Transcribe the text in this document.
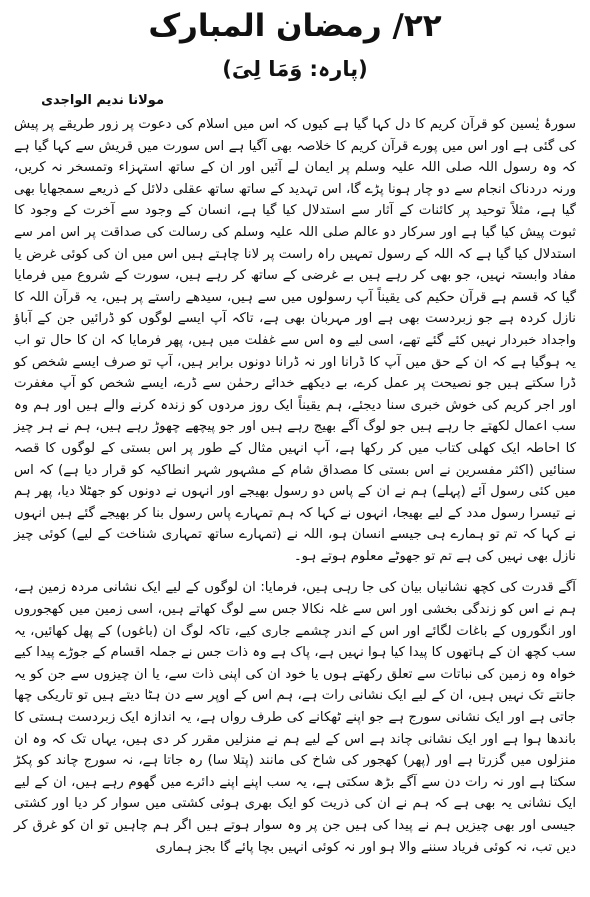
۲۲/ رمضان المبارک
(پارہ: وَمَا لِیَ)
مولانا ندیم الواجدی

سورۂ یٰسین کو قرآن کریم کا دل کہا گیا ہے کیوں کہ اس میں اسلام کی دعوت پر زور طریقے پر پیش کی گئی ہے اور اس میں پورے قرآن کریم کا خلاصہ بھی آگیا ہے اس سورت میں قریش سے کہا گیا ہے کہ وہ رسول اللہ صلی اللہ علیہ وسلم پر ایمان لے آئیں اور ان کے ساتھ استہزاء وتمسخر نہ کریں، ورنہ دردناک انجام سے دو چار ہونا پڑے گا، اس تہدید کے ساتھ ساتھ عقلی دلائل کے ذریعے سمجھایا بھی گیا ہے، مثلاً توحید پر کائنات کے آثار سے استدلال کیا گیا ہے، انسان کے وجود سے آخرت کے وجود کا ثبوت پیش کیا گیا ہے اور سرکار دو عالم صلی اللہ علیہ وسلم کی رسالت کی صداقت پر اس امر سے استدلال کیا گیا ہے کہ اللہ کے رسول تمہیں راہ راست پر لانا چاہتے ہیں اس میں ان کی کوئی غرض یا مفاد وابستہ نہیں، جو بھی کر رہے ہیں بے غرضی کے ساتھ کر رہے ہیں، سورت کے شروع میں فرمایا گیا کہ قسم ہے قرآن حکیم کی یقیناً آپ رسولوں میں سے ہیں، سیدھے راستے پر ہیں، یہ قرآن اللہ کا نازل کردہ ہے جو زبردست بھی ہے اور مہربان بھی ہے، تاکہ آپ ایسے لوگوں کو ڈرائیں جن کے آباؤ واجداد خبردار نہیں کئے گئے تھے، اسی لیے وہ اس سے غفلت میں ہیں، پھر فرمایا کہ ان کا حال تو اب یہ ہوگیا ہے کہ ان کے حق میں آپ کا ڈرانا اور نہ ڈرانا دونوں برابر ہیں، آپ تو صرف ایسے شخص کو ڈرا سکتے ہیں جو نصیحت پر عمل کرے، بے دیکھے خدائے رحمٰن سے ڈرے، ایسے شخص کو آپ مغفرت اور اجر کریم کی خوش خبری سنا دیجئے، ہم یقیناً ایک روز مردوں کو زندہ کرنے والے ہیں اور ہم وہ سب اعمال لکھتے جا رہے ہیں جو لوگ آگے بھیج رہے ہیں اور جو پیچھے چھوڑ رہے ہیں، ہم نے ہر چیز کا احاطہ ایک کھلی کتاب میں کر رکھا ہے، آپ انہیں مثال کے طور پر اس بستی کے لوگوں کا قصہ سنائیں (اکثر مفسرین نے اس بستی کا مصداق شام کے مشہور شہر انطاکیہ کو قرار دیا ہے) کہ اس میں کئی رسول آئے (پہلے) ہم نے ان کے پاس دو رسول بھیجے اور انہوں نے دونوں کو جھٹلا دیا، پھر ہم نے تیسرا رسول مدد کے لیے بھیجا، انہوں نے کہا کہ ہم تمہارے پاس رسول بنا کر بھیجے گئے ہیں انہوں نے کہا کہ تم تو ہمارے ہی جیسے انسان ہو، اللہ نے (تمہارے ساتھ تمہاری شناخت کے لیے) کوئی چیز نازل بھی نہیں کی ہے تم تو جھوٹے معلوم ہوتے ہو۔

آگے قدرت کی کچھ نشانیاں بیان کی جا رہی ہیں، فرمایا: ان لوگوں کے لیے ایک نشانی مردہ زمین ہے، ہم نے اس کو زندگی بخشی اور اس سے غلہ نکالا جس سے لوگ کھاتے ہیں، اسی زمین میں کھجوروں اور انگوروں کے باغات لگائے اور اس کے اندر چشمے جاری کیے، تاکہ لوگ ان (باغوں) کے پھل کھائیں، یہ سب کچھ ان کے ہاتھوں کا پیدا کیا ہوا نہیں ہے، پاک ہے وہ ذات جس نے جملہ اقسام کے جوڑے پیدا کیے خواہ وہ زمین کی نباتات سے تعلق رکھتے ہوں یا خود ان کی اپنی ذات سے، یا ان چیزوں سے جن کو یہ جانتے تک نہیں ہیں، ان کے لیے ایک نشانی رات ہے، ہم اس کے اوپر سے دن ہٹا دیتے ہیں تو تاریکی چھا جاتی ہے اور ایک نشانی سورج ہے جو اپنے ٹھکانے کی طرف رواں ہے، یہ اندازہ ایک زبردست ہستی کا باندھا ہوا ہے اور ایک نشانی چاند ہے اس کے لیے ہم نے منزلیں مقرر کر دی ہیں، یہاں تک کہ وہ ان منزلوں میں گزرتا ہے اور (پھر) کھجور کی شاخ کی مانند (پتلا سا) رہ جاتا ہے، نہ سورج چاند کو پکڑ سکتا ہے اور نہ رات دن سے آگے بڑھ سکتی ہے، یہ سب اپنے اپنے دائرے میں گھوم رہے ہیں، ان کے لیے ایک نشانی یہ بھی ہے کہ ہم نے ان کی ذریت کو ایک بھری ہوئی کشتی میں سوار کر دیا اور کشتی جیسی اور بھی چیزیں ہم نے پیدا کی ہیں جن پر وہ سوار ہوتے ہیں اگر ہم چاہیں تو ان کو غرق کر دیں تب، نہ کوئی فریاد سننے والا ہو اور نہ کوئی انہیں بچا پائے گا بجز ہماری
